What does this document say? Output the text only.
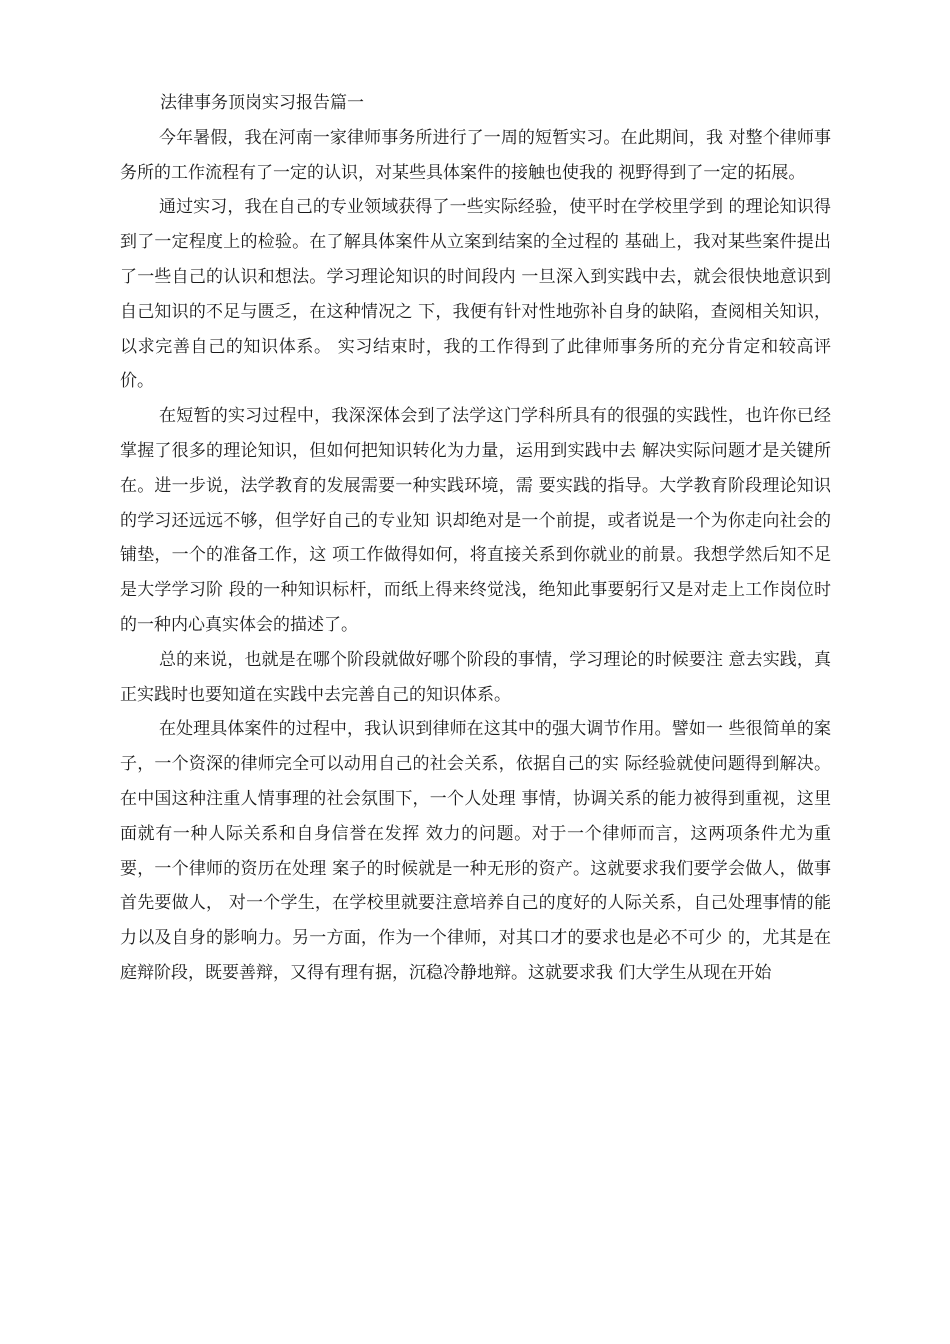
法律事务顶岗实习报告篇一

今年暑假，我在河南一家律师事务所进行了一周的短暂实习。在此期间，我 对整个律师事务所的工作流程有了一定的认识，对某些具体案件的接触也使我的 视野得到了一定的拓展。

通过实习，我在自己的专业领域获得了一些实际经验，使平时在学校里学到 的理论知识得到了一定程度上的检验。在了解具体案件从立案到结案的全过程的 基础上，我对某些案件提出了一些自己的认识和想法。学习理论知识的时间段内 一旦深入到实践中去，就会很快地意识到自己知识的不足与匮乏，在这种情况之 下，我便有针对性地弥补自身的缺陷，查阅相关知识，以求完善自己的知识体系。 实习结束时，我的工作得到了此律师事务所的充分肯定和较高评价。

在短暂的实习过程中，我深深体会到了法学这门学科所具有的很强的实践性，也许你已经掌握了很多的理论知识，但如何把知识转化为力量，运用到实践中去 解决实际问题才是关键所在。进一步说，法学教育的发展需要一种实践环境，需 要实践的指导。大学教育阶段理论知识的学习还远远不够，但学好自己的专业知 识却绝对是一个前提，或者说是一个为你走向社会的铺垫，一个的准备工作，这 项工作做得如何，将直接关系到你就业的前景。我想学然后知不足是大学学习阶 段的一种知识标杆，而纸上得来终觉浅，绝知此事要躬行又是对走上工作岗位时 的一种内心真实体会的描述了。

总的来说，也就是在哪个阶段就做好哪个阶段的事情，学习理论的时候要注 意去实践，真正实践时也要知道在实践中去完善自己的知识体系。

在处理具体案件的过程中，我认识到律师在这其中的强大调节作用。譬如一 些很简单的案子，一个资深的律师完全可以动用自己的社会关系，依据自己的实 际经验就使问题得到解决。在中国这种注重人情事理的社会氛围下，一个人处理 事情，协调关系的能力被得到重视，这里面就有一种人际关系和自身信誉在发挥 效力的问题。对于一个律师而言，这两项条件尤为重要，一个律师的资历在处理 案子的时候就是一种无形的资产。这就要求我们要学会做人，做事首先要做人， 对一个学生，在学校里就要注意培养自己的度好的人际关系，自己处理事情的能 力以及自身的影响力。另一方面，作为一个律师，对其口才的要求也是必不可少 的，尤其是在庭辩阶段，既要善辩，又得有理有据，沉稳冷静地辩。这就要求我 们大学生从现在开始
